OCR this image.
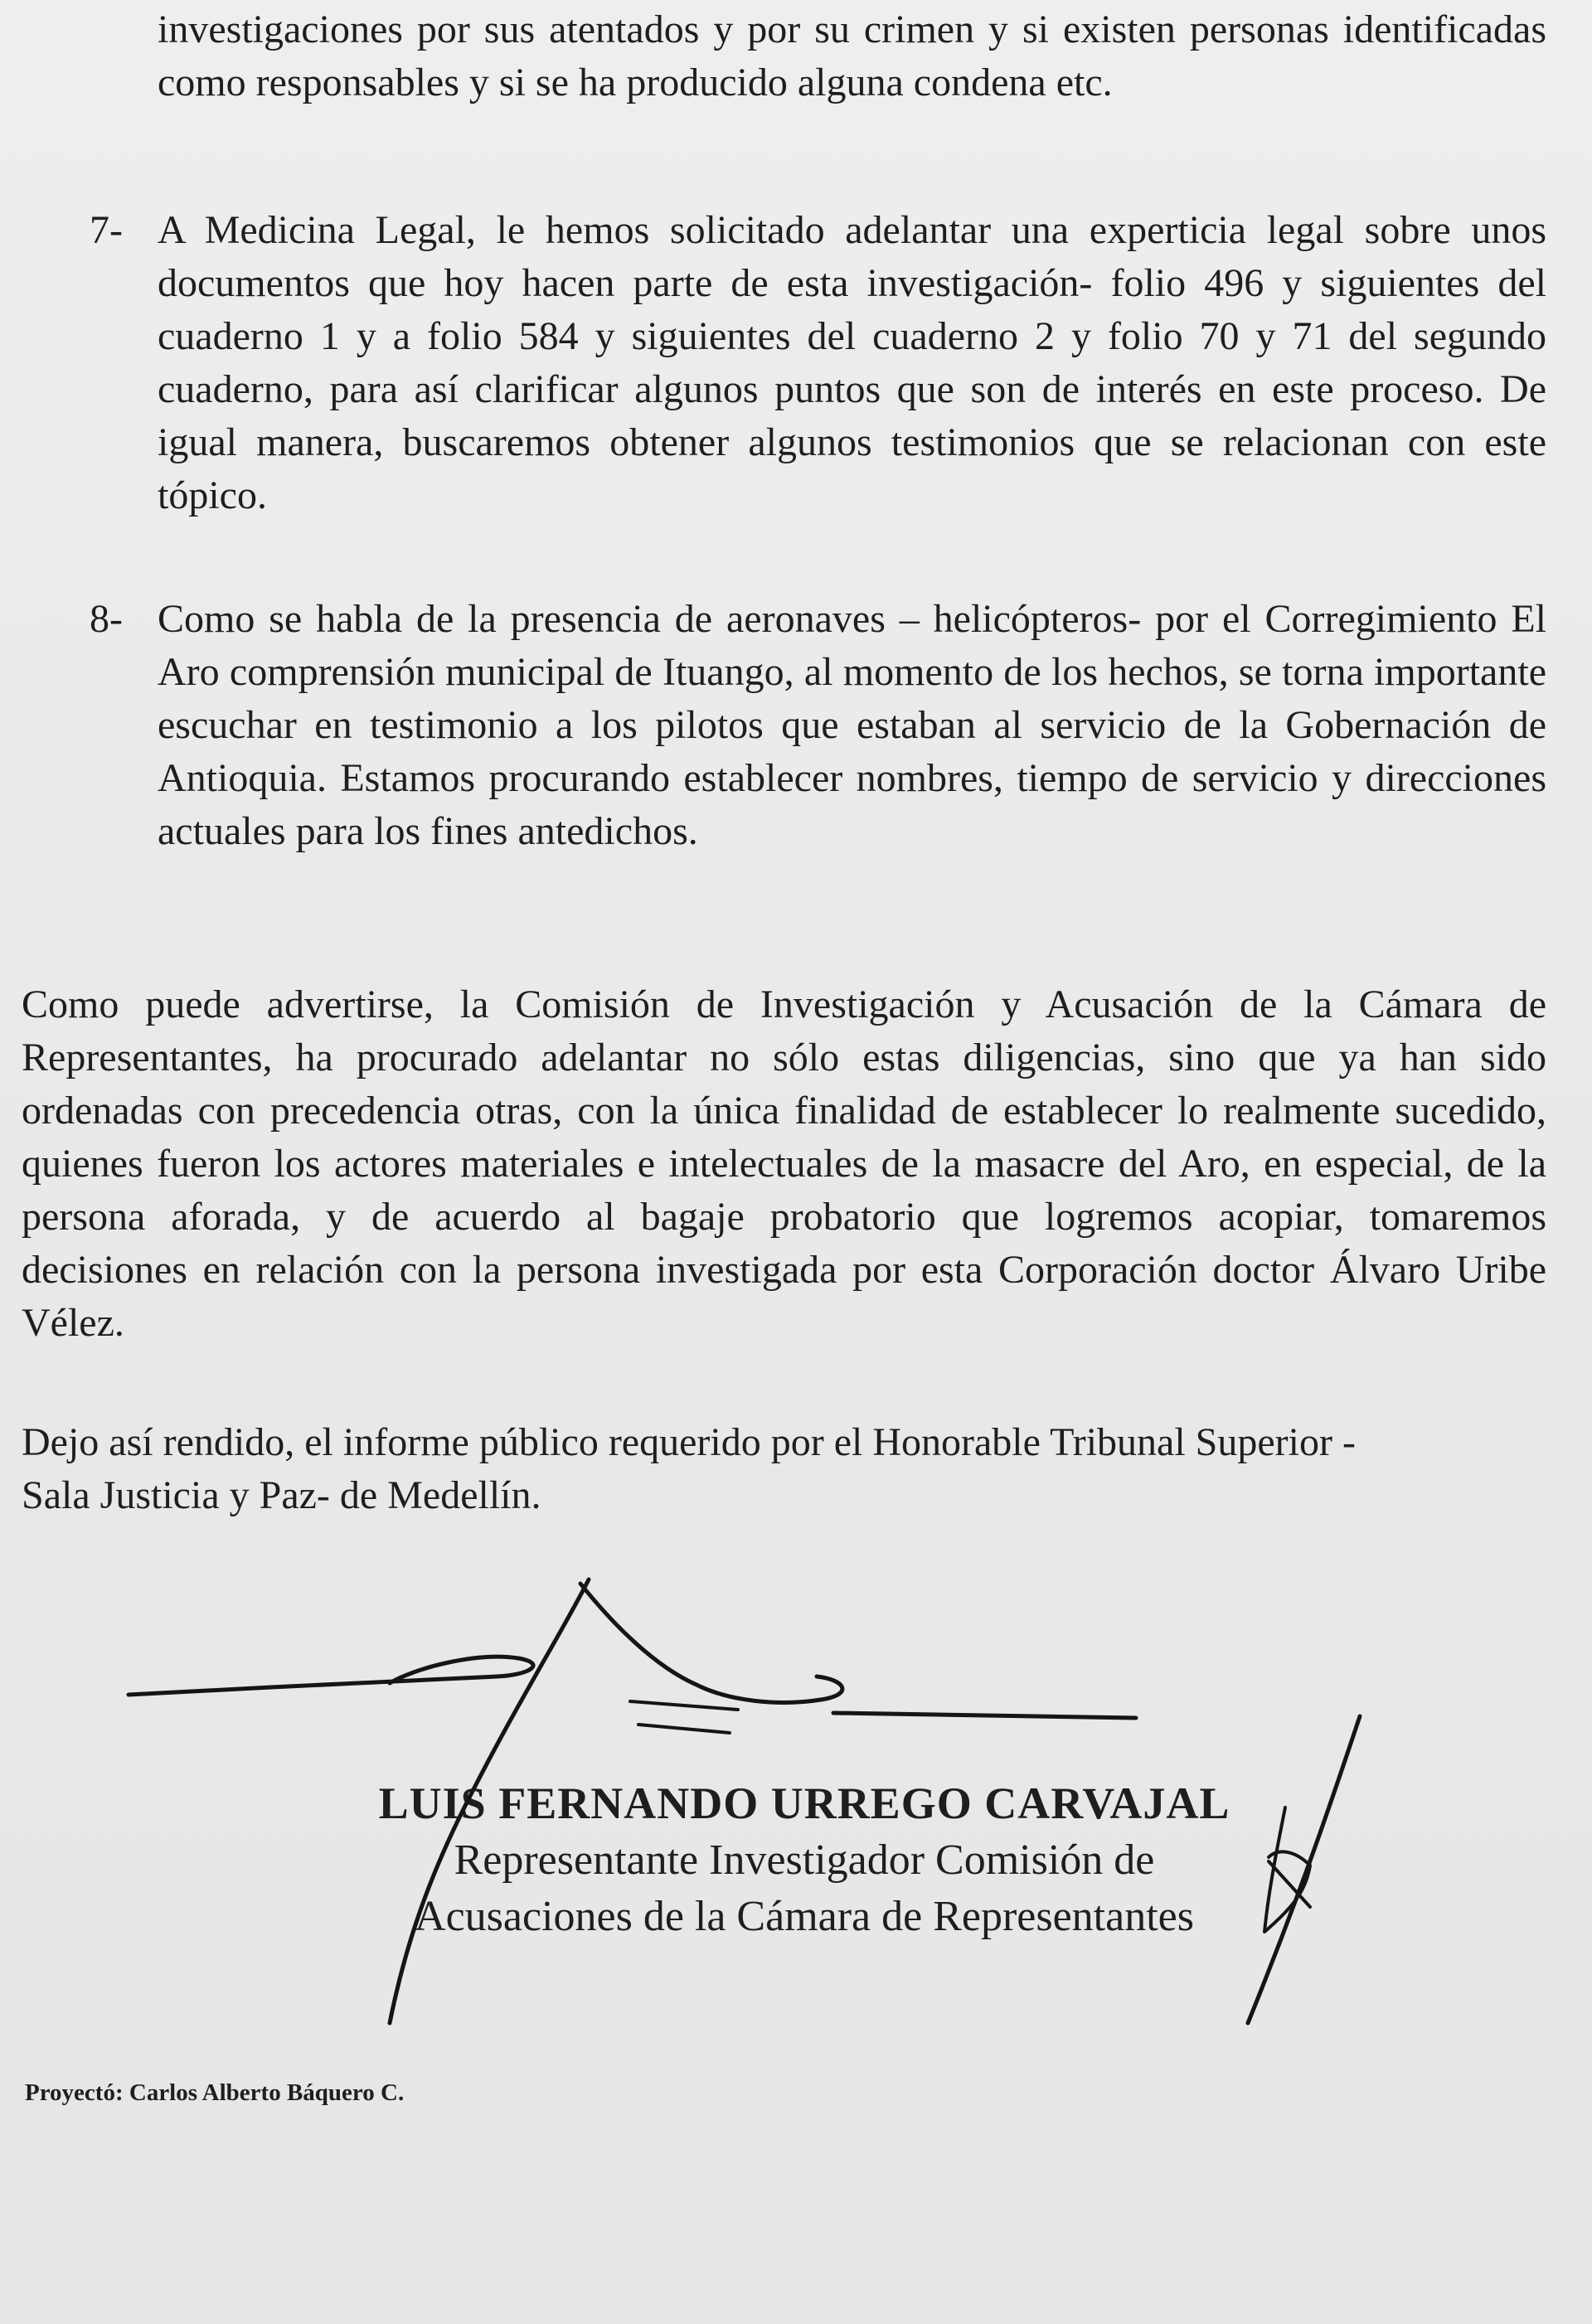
investigaciones por sus atentados y por su crimen y si existen personas identificadas como responsables y si se ha producido alguna condena etc.

7- A Medicina Legal, le hemos solicitado adelantar una experticia legal sobre unos documentos que hoy hacen parte de esta investigación- folio 496 y siguientes del cuaderno 1 y a folio 584 y siguientes del cuaderno 2 y folio 70 y 71 del segundo cuaderno, para así clarificar algunos puntos que son de interés en este proceso. De igual manera, buscaremos obtener algunos testimonios que se relacionan con este tópico.

8- Como se habla de la presencia de aeronaves – helicópteros- por el Corregimiento El Aro comprensión municipal de Ituango, al momento de los hechos, se torna importante escuchar en testimonio a los pilotos que estaban al servicio de la Gobernación de Antioquia. Estamos procurando establecer nombres, tiempo de servicio y direcciones actuales para los fines antedichos.

Como puede advertirse, la Comisión de Investigación y Acusación de la Cámara de Representantes, ha procurado adelantar no sólo estas diligencias, sino que ya han sido ordenadas con precedencia otras, con la única finalidad de establecer lo realmente sucedido, quienes fueron los actores materiales e intelectuales de la masacre del Aro, en especial, de la persona aforada, y de acuerdo al bagaje probatorio que logremos acopiar, tomaremos decisiones en relación con la persona investigada por esta Corporación doctor Álvaro Uribe Vélez.

Dejo así rendido, el informe público requerido por el Honorable Tribunal Superior - Sala Justicia y Paz- de Medellín.

LUIS FERNANDO URREGO CARVAJAL
Representante Investigador Comisión de
Acusaciones de la Cámara de Representantes
Proyectó: Carlos Alberto Báquero C.
